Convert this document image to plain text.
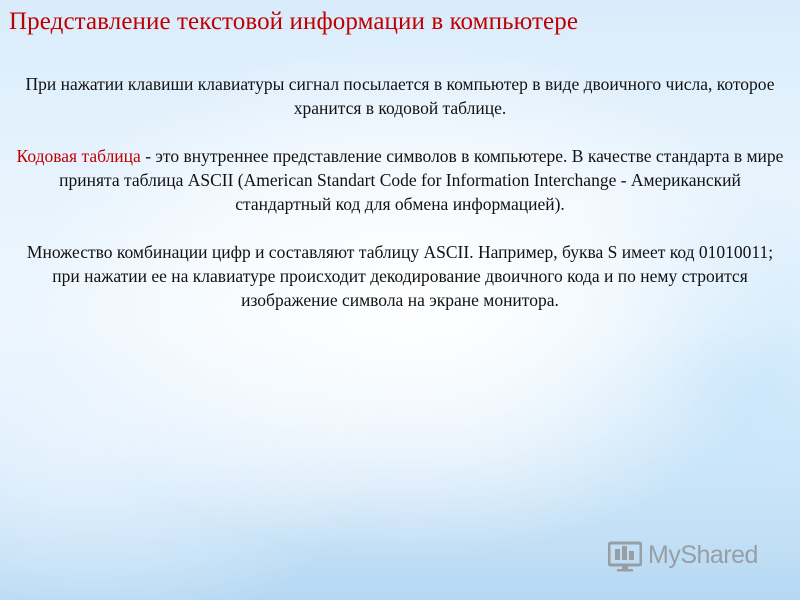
Представление текстовой информации в компьютере

При нажатии клавиши клавиатуры сигнал посылается в компьютер в виде двоичного числа, которое хранится в кодовой таблице.

Кодовая таблица - это внутреннее представление символов в компьютере. В качестве стандарта в мире принята таблица ASCII (American Standart Code for Information Interchange - Американский стандартный код для обмена информацией).

Множество комбинации цифр и составляют таблицу ASCII. Например, буква S имеет код 01010011; при нажатии ее на клавиатуре происходит декодирование двоичного кода и по нему строится изображение символа на экране монитора.

MyShared
